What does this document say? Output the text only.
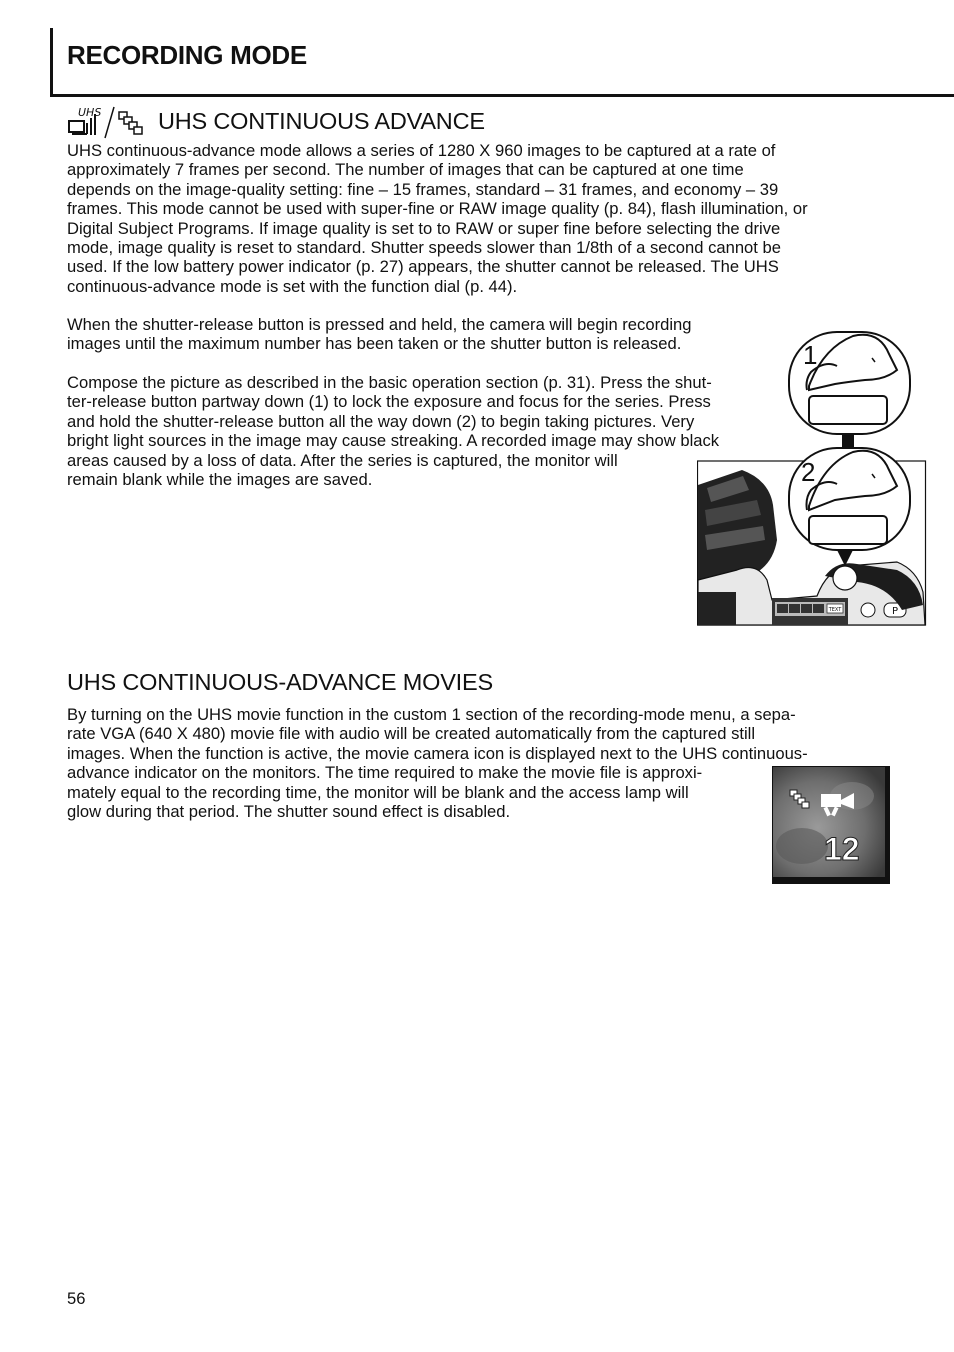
RECORDING MODE
UHS UHS CONTINUOUS ADVANCE

UHS continuous-advance mode allows a series of 1280 X 960 images to be captured at a rate of
approximately 7 frames per second. The number of images that can be captured at one time
depends on the image-quality setting: fine – 15 frames, standard – 31 frames, and economy – 39
frames. This mode cannot be used with super-fine or RAW image quality (p. 84), flash illumination, or
Digital Subject Programs. If image quality is set to to RAW or super fine before selecting the drive
mode, image quality is reset to standard. Shutter speeds slower than 1/8th of a second cannot be
used. If the low battery power indicator (p. 27) appears, the shutter cannot be released. The UHS
continuous-advance mode is set with the function dial (p. 44).

When the shutter-release button is pressed and held, the camera will begin recording
images until the maximum number has been taken or the shutter button is released.

Compose the picture as described in the basic operation section (p. 31). Press the shut-
ter-release button partway down (1) to lock the exposure and focus for the series. Press
and hold the shutter-release button all the way down (2) to begin taking pictures. Very
bright light sources in the image may cause streaking. A recorded image may show black
areas caused by a loss of data. After the series is captured, the monitor will
remain blank while the images are saved.

TEXT	P
1
2
UHS CONTINUOUS-ADVANCE MOVIES

By turning on the UHS movie function in the custom 1 section of the recording-mode menu, a sepa-
rate VGA (640 X 480) movie file with audio will be created automatically from the captured still
images. When the function is active, the movie camera icon is displayed next to the UHS continuous-
advance indicator on the monitors. The time required to make the movie file is approxi-
mately equal to the recording time, the monitor will be blank and the access lamp will
glow during that period. The shutter sound effect is disabled.

12
56
